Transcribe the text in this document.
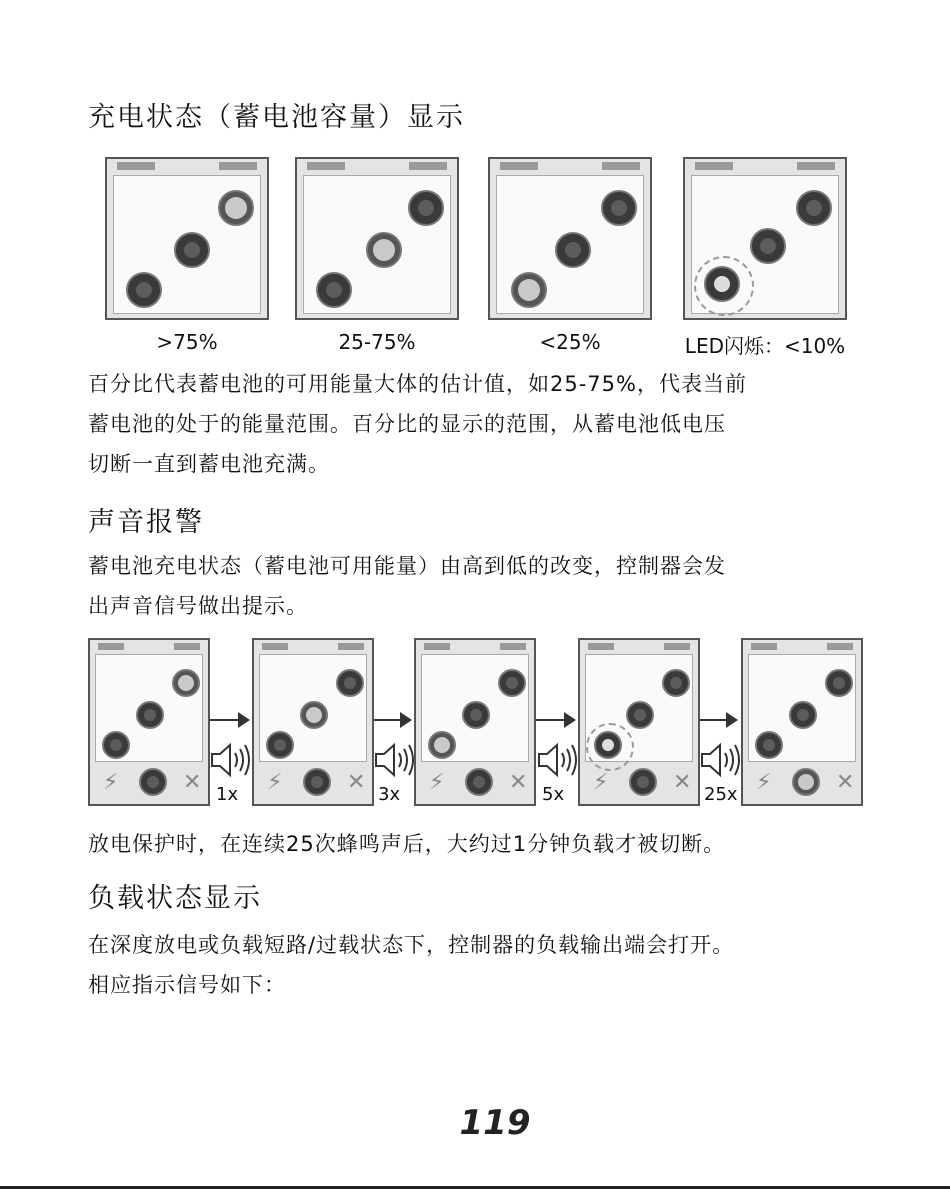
充电状态（蓄电池容量）显示
>75%	25-75%	<25%	LED闪烁：<10%

百分比代表蓄电池的可用能量大体的估计值，如25-75%，代表当前
蓄电池的处于的能量范围。百分比的显示的范围，从蓄电池低电压
切断一直到蓄电池充满。

声音报警

蓄电池充电状态（蓄电池可用能量）由高到低的改变，控制器会发
出声音信号做出提示。

⚡	✕	⚡	✕	⚡	✕	⚡	✕	⚡	✕
1x	3x	5x	25x

放电保护时，在连续25次蜂鸣声后，大约过1分钟负载才被切断。

负载状态显示

在深度放电或负载短路/过载状态下，控制器的负载输出端会打开。
相应指示信号如下：

119
